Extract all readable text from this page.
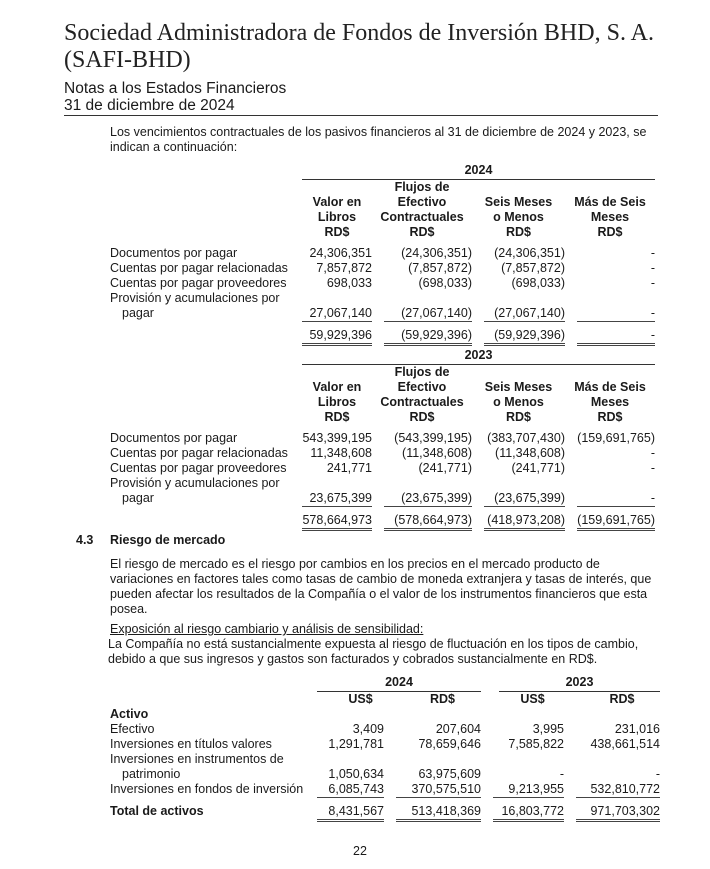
Sociedad Administradora de Fondos de Inversión BHD, S. A.
(SAFI-BHD)
Notas a los Estados Financieros
31 de diciembre de 2024
Los vencimientos contractuales de los pasivos financieros al 31 de diciembre de 2024 y 2023, se indican a continuación:
2024
Flujos de
Valor en	Efectivo	Seis Meses	Más de Seis
Libros	Contractuales	o Menos	Meses
RD$	RD$	RD$	RD$
Documentos por pagar	24,306,351	(24,306,351)	(24,306,351)	-
Cuentas por pagar relacionadas	7,857,872	(7,857,872)	(7,857,872)	-
Cuentas por pagar proveedores	698,033	(698,033)	(698,033)	-
Provisión y acumulaciones por
pagar	27,067,140	(27,067,140)	(27,067,140)	-
59,929,396	(59,929,396)	(59,929,396)	-
2023
Flujos de
Valor en	Efectivo	Seis Meses	Más de Seis
Libros	Contractuales	o Menos	Meses
RD$	RD$	RD$	RD$
Documentos por pagar	543,399,195	(543,399,195) (383,707,430) (159,691,765)
Cuentas por pagar relacionadas	11,348,608	(11,348,608)	(11,348,608)	-
Cuentas por pagar proveedores	241,771	(241,771)	(241,771)	-
Provisión y acumulaciones por
pagar	23,675,399	(23,675,399)	(23,675,399)	-
578,664,973	(578,664,973) (418,973,208) (159,691,765)
4.3 Riesgo de mercado
El riesgo de mercado es el riesgo por cambios en los precios en el mercado producto de variaciones en factores tales como tasas de cambio de moneda extranjera y tasas de interés, que pueden afectar los resultados de la Compañía o el valor de los instrumentos financieros que esta posea.
Exposición al riesgo cambiario y análisis de sensibilidad:
La Compañía no está sustancialmente expuesta al riesgo de fluctuación en los tipos de cambio, debido a que sus ingresos y gastos son facturados y cobrados sustancialmente en RD$.
2024	2023
US$	RD$	US$	RD$
Activo
Efectivo	3,409	207,604	3,995	231,016
Inversiones en títulos valores	1,291,781	78,659,646	7,585,822	438,661,514
Inversiones en instrumentos de
patrimonio	1,050,634	63,975,609	-	-
Inversiones en fondos de inversión	6,085,743	370,575,510	9,213,955	532,810,772
Total de activos	8,431,567	513,418,369	16,803,772	971,703,302
22
